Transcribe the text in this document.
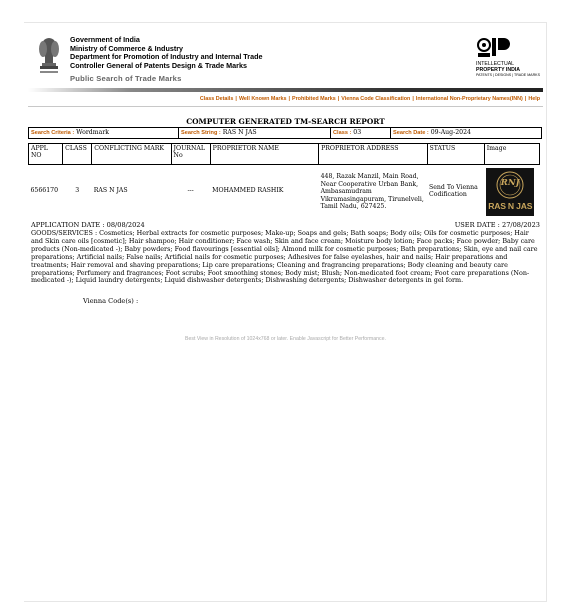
Government of India
Ministry of Commerce & Industry
Department for Promotion of Industry and Internal Trade
Controller General of Patents Design & Trade Marks
Public Search of Trade Marks
INTELLECTUAL
PROPERTY INDIA
PATENTS | DESIGNS | TRADE MARKS
Class Details | Well Known Marks | Prohibited Marks | Vienna Code Classification | International Non-Proprietary Names(INN) | Help
COMPUTER GENERATED TM-SEARCH REPORT
Search Criteria : Wordmark	Search String : RAS N JAS	Class : 03	Search Date : 09-Aug-2024
APPL NO	CLASS	CONFLICTING MARK	JOURNAL No	PROPRIETOR NAME	PROPRIETOR ADDRESS	STATUS	Image
6566170	3	RAS N JAS	---	MOHAMMED RASHIK	448, Razak Manzil, Main Road, Near Cooperative Urban Bank, Ambasamudram Vikramasingapuram, Tirunelveli, Tamil Nadu, 627425.	Send To Vienna Codification	RNJ
RAS N JAS
APPLICATION DATE : 08/08/2024	USER DATE : 27/08/2023
GOODS/SERVICES : Cosmetics; Herbal extracts for cosmetic purposes; Make-up; Soaps and gels; Bath soaps; Body oils; Oils for cosmetic purposes; Hair and Skin care oils [cosmetic]; Hair shampoo; Hair conditioner; Face wash; Skin and face cream; Moisture body lotion; Face packs; Face powder; Baby care products (Non-medicated -); Baby powders; Food flavourings [essential oils]; Almond milk for cosmetic purposes; Bath preparations; Skin, eye and nail care preparations; Artificial nails; False nails; Artificial nails for cosmetic purposes; Adhesives for false eyelashes, hair and nails; Hair preparations and treatments; Hair removal and shaving preparations; Lip care preparations; Cleaning and fragrancing preparations; Body cleaning and beauty care preparations; Perfumery and fragrances; Foot scrubs; Foot smoothing stones; Body mist; Blush; Non-medicated foot cream; Foot care preparations (Non-medicated -); Liquid laundry detergents; Liquid dishwasher detergents; Dishwashing detergents; Dishwasher detergents in gel form.
Vienna Code(s) :
Best View in Resolution of 1024x768 or later. Enable Javascript for Better Performance.
